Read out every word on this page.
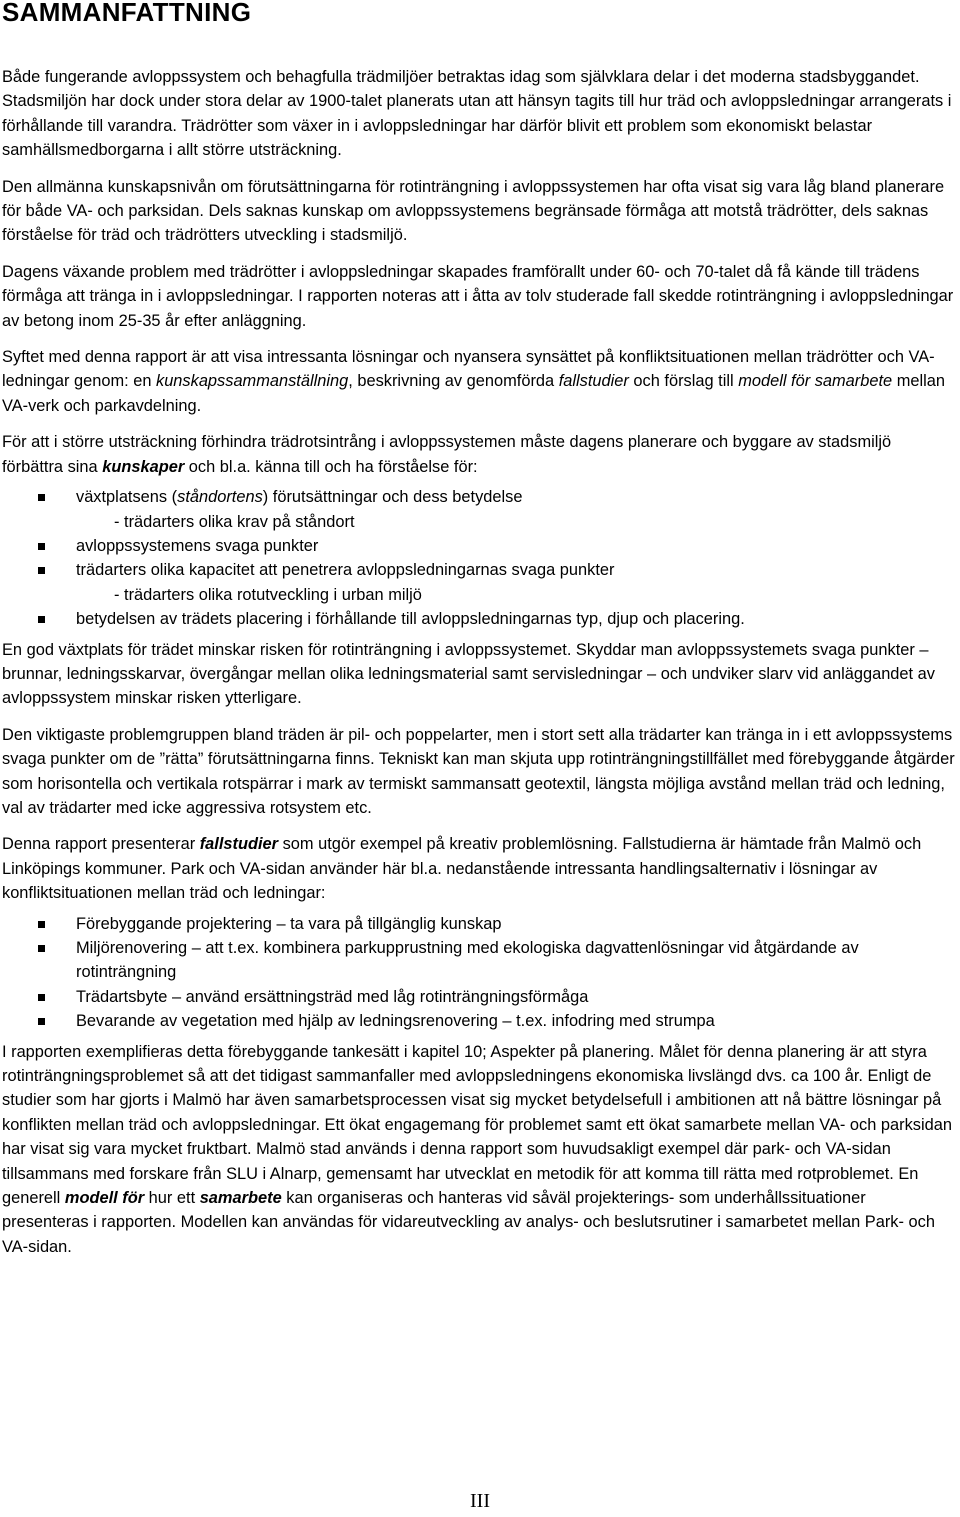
SAMMANFATTNING

Både fungerande avloppssystem och behagfulla trädmiljöer betraktas idag som självklara delar i det moderna stadsbyggandet. Stadsmiljön har dock under stora delar av 1900-talet planerats utan att hänsyn tagits till hur träd och avloppsledningar arrangerats i förhållande till varandra. Trädrötter som växer in i avloppsledningar har därför blivit ett problem som ekonomiskt belastar samhällsmedborgarna i allt större utsträckning.

Den allmänna kunskapsnivån om förutsättningarna för rotinträngning i avloppssystemen har ofta visat sig vara låg bland planerare för både VA- och parksidan. Dels saknas kunskap om avloppssystemens begränsade förmåga att motstå trädrötter, dels saknas förståelse för träd och trädrötters utveckling i stadsmiljö.

Dagens växande problem med trädrötter i avloppsledningar skapades framförallt under 60- och 70-talet då få kände till trädens förmåga att tränga in i avloppsledningar. I rapporten noteras att i åtta av tolv studerade fall skedde rotinträngning i avloppsledningar av betong inom 25-35 år efter anläggning.

Syftet med denna rapport är att visa intressanta lösningar och nyansera synsättet på konfliktsituationen mellan trädrötter och VA-ledningar genom: en kunskapssammanställning, beskrivning av genomförda fallstudier och förslag till modell för samarbete mellan VA-verk och parkavdelning.

För att i större utsträckning förhindra trädrotsintrång i avloppssystemen måste dagens planerare och byggare av stadsmiljö förbättra sina kunskaper och bl.a. känna till och ha förståelse för:

växtplatsens (ståndortens) förutsättningar och dess betydelse
- trädarters olika krav på ståndort
avloppssystemens svaga punkter
trädarters olika kapacitet att penetrera avloppsledningarnas svaga punkter
- trädarters olika rotutveckling i urban miljö
betydelsen av trädets placering i förhållande till avloppsledningarnas typ, djup och placering.

En god växtplats för trädet minskar risken för rotinträngning i avloppssystemet. Skyddar man avloppssystemets svaga punkter – brunnar, ledningsskarvar, övergångar mellan olika ledningsmaterial samt servisledningar – och undviker slarv vid anläggandet av avloppssystem minskar risken ytterligare.

Den viktigaste problemgruppen bland träden är pil- och poppelarter, men i stort sett alla trädarter kan tränga in i ett avloppssystems svaga punkter om de ”rätta” förutsättningarna finns. Tekniskt kan man skjuta upp rotinträngningstillfället med förebyggande åtgärder som horisontella och vertikala rotspärrar i mark av termiskt sammansatt geotextil, längsta möjliga avstånd mellan träd och ledning, val av trädarter med icke aggressiva rotsystem etc.

Denna rapport presenterar fallstudier som utgör exempel på kreativ problemlösning. Fallstudierna är hämtade från Malmö och Linköpings kommuner. Park och VA-sidan använder här bl.a. nedanstående intressanta handlingsalternativ i lösningar av konfliktsituationen mellan träd och ledningar:

Förebyggande projektering – ta vara på tillgänglig kunskap
Miljörenovering – att t.ex. kombinera parkupprustning med ekologiska dagvattenlösningar vid åtgärdande av rotinträngning
Trädartsbyte – använd ersättningsträd med låg rotinträngningsförmåga
Bevarande av vegetation med hjälp av ledningsrenovering – t.ex. infodring med strumpa

I rapporten exemplifieras detta förebyggande tankesätt i kapitel 10; Aspekter på planering. Målet för denna planering är att styra rotinträngningsproblemet så att det tidigast sammanfaller med avloppsledningens ekonomiska livslängd dvs. ca 100 år. Enligt de studier som har gjorts i Malmö har även samarbetsprocessen visat sig mycket betydelsefull i ambitionen att nå bättre lösningar på konflikten mellan träd och avloppsledningar. Ett ökat engagemang för problemet samt ett ökat samarbete mellan VA- och parksidan har visat sig vara mycket fruktbart. Malmö stad används i denna rapport som huvudsakligt exempel där park- och VA-sidan tillsammans med forskare från SLU i Alnarp, gemensamt har utvecklat en metodik för att komma till rätta med rotproblemet. En generell modell för hur ett samarbete kan organiseras och hanteras vid såväl projekterings- som underhållssituationer presenteras i rapporten. Modellen kan användas för vidareutveckling av analys- och beslutsrutiner i samarbetet mellan Park- och VA-sidan.

III
